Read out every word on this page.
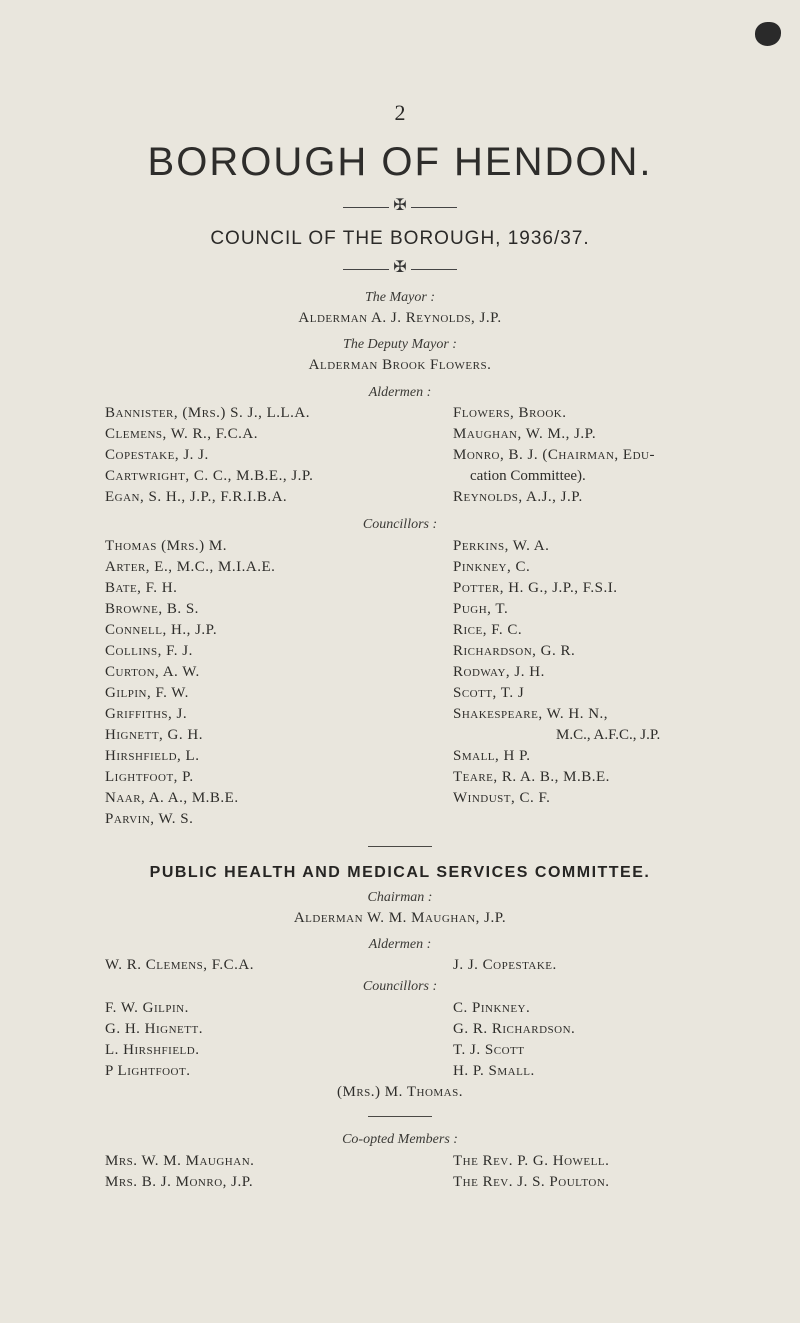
2
BOROUGH OF HENDON.
✠
COUNCIL OF THE BOROUGH, 1936/37.
✠
The Mayor :
Alderman A. J. Reynolds, J.P.
The Deputy Mayor :
Alderman Brook Flowers.
Aldermen :
Bannister, (Mrs.) S. J., L.L.A.
Clemens, W. R., F.C.A.
Copestake, J. J.
Cartwright, C. C., M.B.E., J.P.
Egan, S. H., J.P., F.R.I.B.A.
Flowers, Brook.
Maughan, W. M., J.P.
Monro, B. J. (Chairman, Edu-
cation Committee).
Reynolds, A.J., J.P.
Councillors :
Thomas (Mrs.) M.
Arter, E., M.C., M.I.A.E.
Bate, F. H.
Browne, B. S.
Connell, H., J.P.
Collins, F. J.
Curton, A. W.
Gilpin, F. W.
Griffiths, J.
Hignett, G. H.
Hirshfield, L.
Lightfoot, P.
Naar, A. A., M.B.E.
Parvin, W. S.
Perkins, W. A.
Pinkney, C.
Potter, H. G., J.P., F.S.I.
Pugh, T.
Rice, F. C.
Richardson, G. R.
Rodway, J. H.
Scott, T. J
Shakespeare, W. H. N.,
M.C., A.F.C., J.P.
Small, H P.
Teare, R. A. B., M.B.E.
Windust, C. F.
PUBLIC HEALTH AND MEDICAL SERVICES COMMITTEE.
Chairman :
Alderman W. M. Maughan, J.P.
Aldermen :
W. R. Clemens, F.C.A.	J. J. Copestake.
Councillors :
F. W. Gilpin.
G. H. Hignett.
L. Hirshfield.
P Lightfoot.
C. Pinkney.
G. R. Richardson.
T. J. Scott
H. P. Small.
(Mrs.) M. Thomas.
Co-opted Members :
Mrs. W. M. Maughan.
Mrs. B. J. Monro, J.P.
The Rev. P. G. Howell.
The Rev. J. S. Poulton.
